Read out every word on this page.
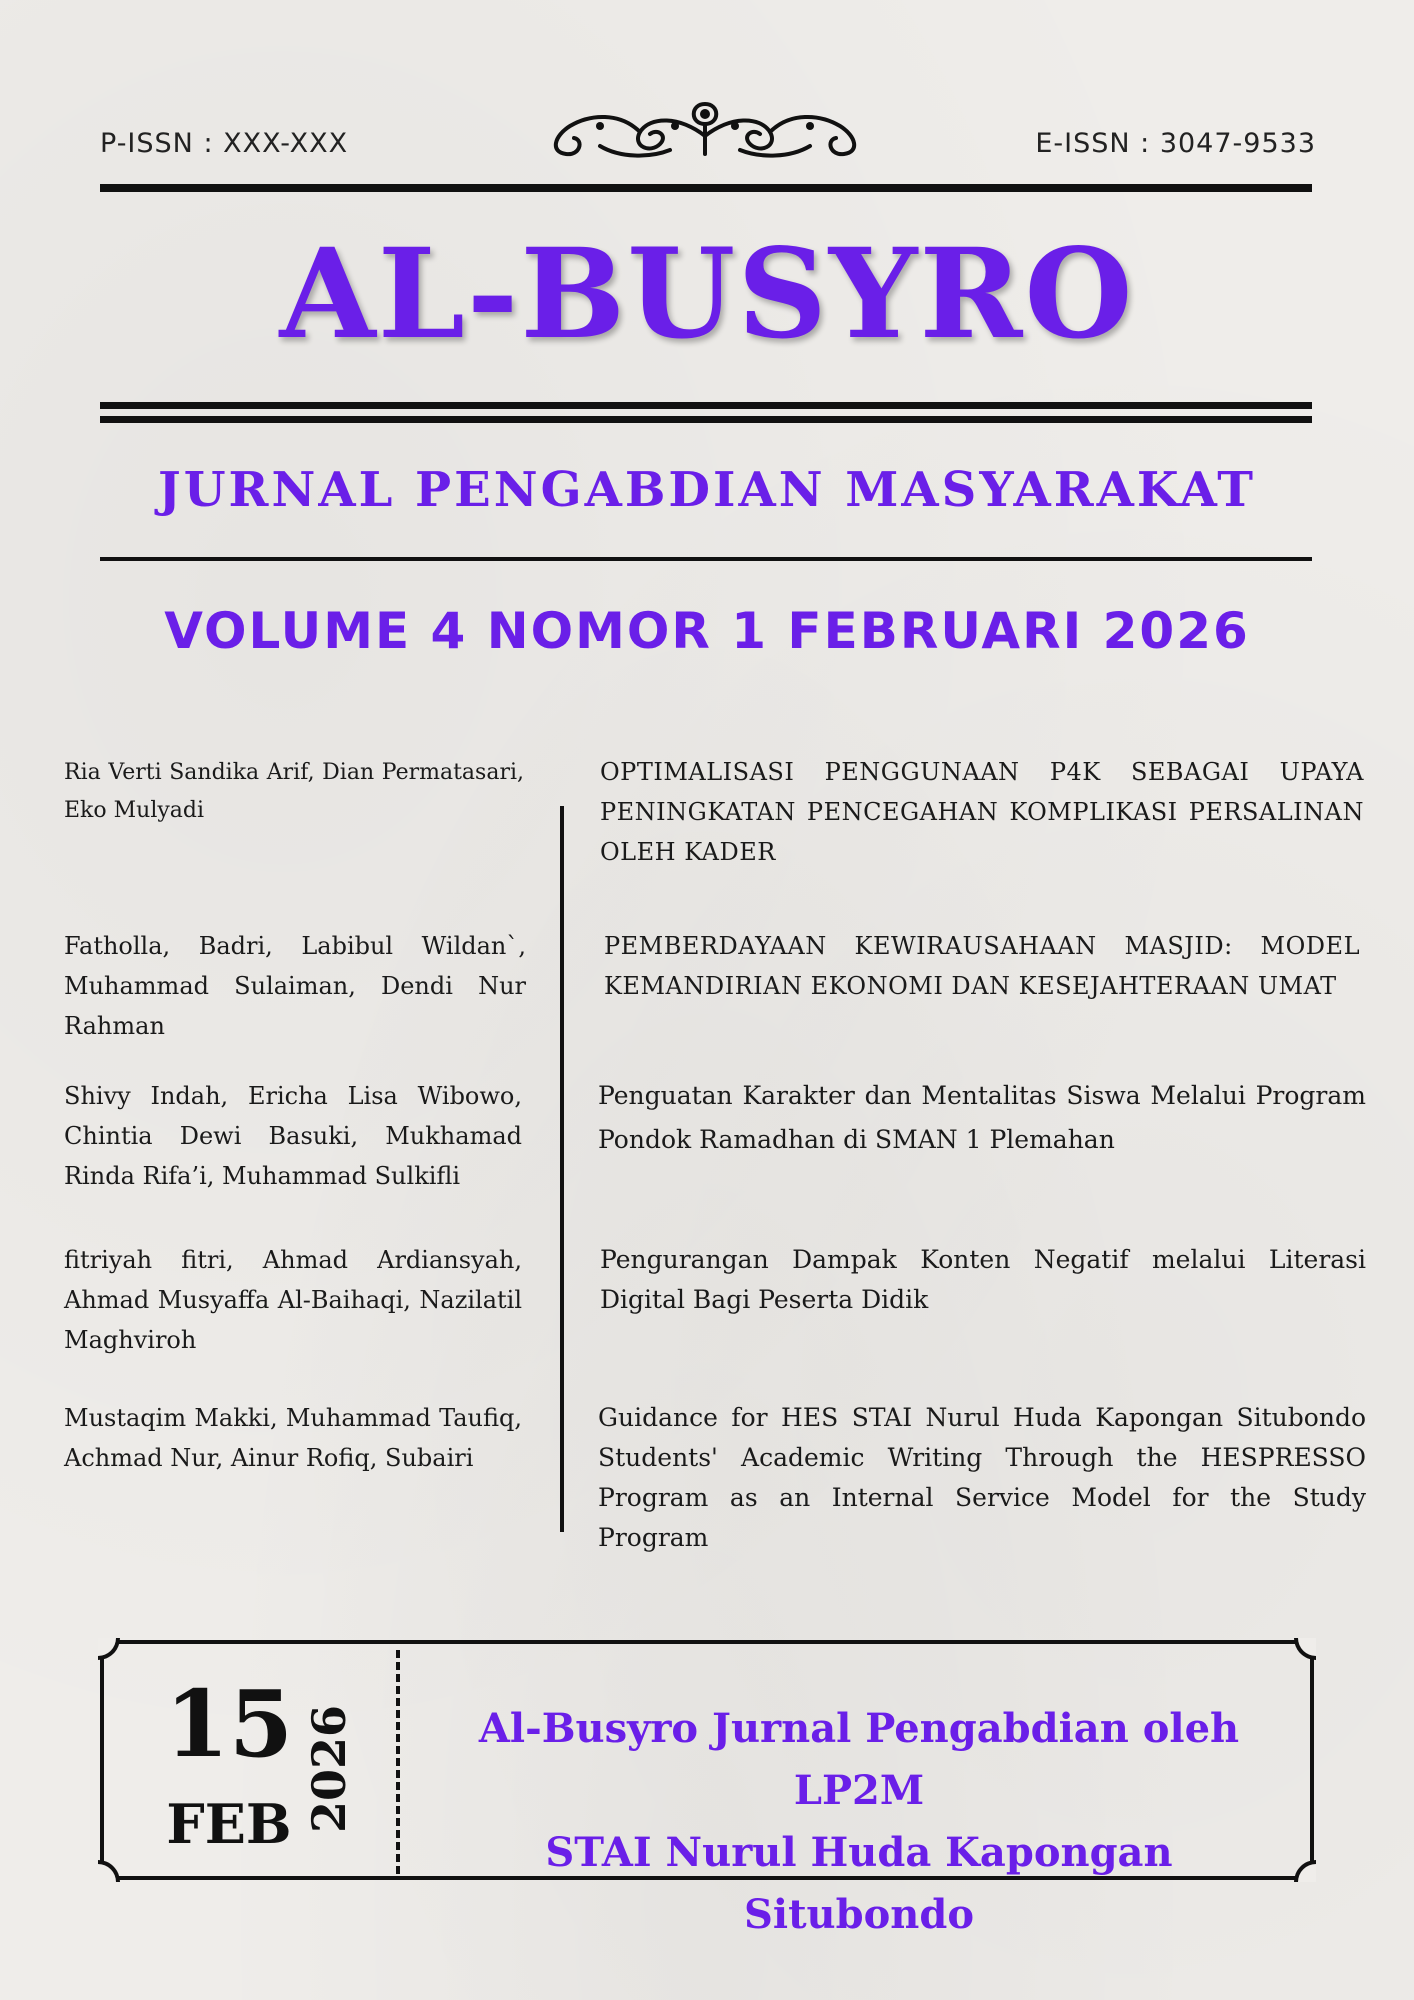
P-ISSN : XXX-XXX	E-ISSN : 3047-9533
AL-BUSYRO
JURNAL PENGABDIAN MASYARAKAT
VOLUME 4 NOMOR 1 FEBRUARI 2026
Ria Verti Sandika Arif, Dian Permatasari, Eko Mulyadi
OPTIMALISASI PENGGUNAAN P4K SEBAGAI UPAYA PENINGKATAN PENCEGAHAN KOMPLIKASI PERSALINAN OLEH KADER
Fatholla, Badri, Labibul Wildan`, Muhammad Sulaiman, Dendi Nur Rahman
PEMBERDAYAAN KEWIRAUSAHAAN MASJID: MODEL KEMANDIRIAN EKONOMI DAN KESEJAHTERAAN UMAT
Shivy Indah, Ericha Lisa Wibowo, Chintia Dewi Basuki, Mukhamad Rinda Rifa’i, Muhammad Sulkifli
Penguatan Karakter dan Mentalitas Siswa Melalui Program Pondok Ramadhan di SMAN 1 Plemahan
fitriyah fitri, Ahmad Ardiansyah, Ahmad Musyaffa Al-Baihaqi, Nazilatil Maghviroh
Pengurangan Dampak Konten Negatif melalui Literasi Digital Bagi Peserta Didik
Mustaqim Makki, Muhammad Taufiq, Achmad Nur, Ainur Rofiq, Subairi
Guidance for HES STAI Nurul Huda Kapongan Situbondo Students' Academic Writing Through the HESPRESSO Program as an Internal Service Model for the Study Program
15
FEB 2026	Al-Busyro Jurnal Pengabdian oleh LP2M
STAI Nurul Huda Kapongan Situbondo
